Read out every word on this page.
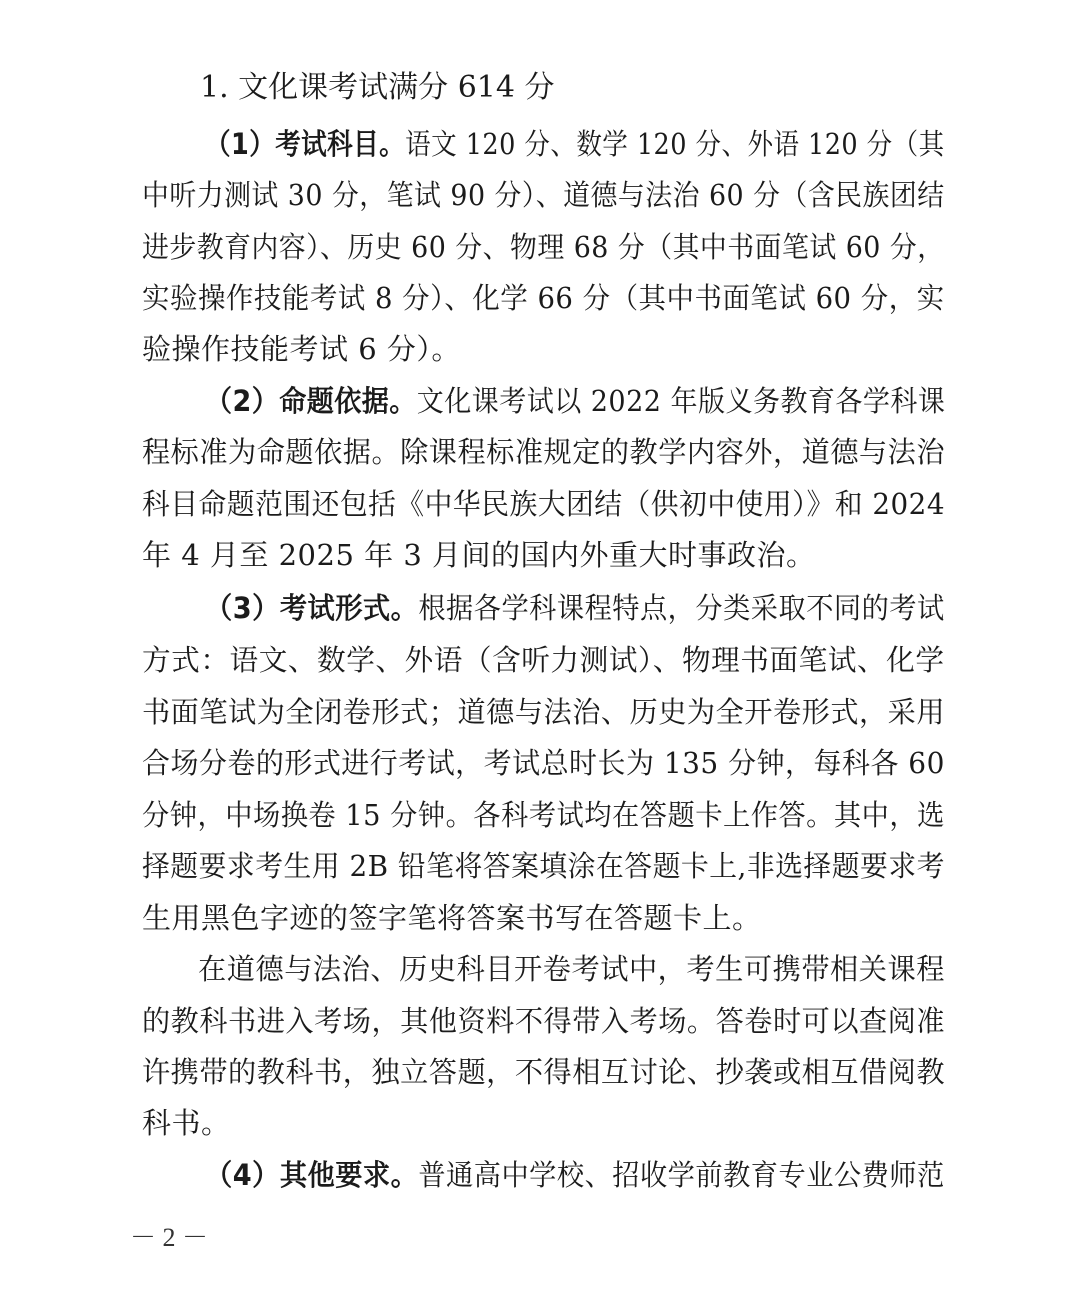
1. 文化课考试满分 614 分
（1）考试科目。语文 120 分、数学 120 分、外语 120 分（其
中听力测试 30 分，笔试 90 分）、道德与法治 60 分（含民族团结
进步教育内容）、历史 60 分、物理 68 分（其中书面笔试 60 分，
实验操作技能考试 8 分）、化学 66 分（其中书面笔试 60 分，实
验操作技能考试 6 分）。
（2）命题依据。文化课考试以 2022 年版义务教育各学科课
程标准为命题依据。除课程标准规定的教学内容外，道德与法治
科目命题范围还包括《中华民族大团结（供初中使用）》和 2024
年 4 月至 2025 年 3 月间的国内外重大时事政治。
（3）考试形式。根据各学科课程特点，分类采取不同的考试
方式：语文、数学、外语（含听力测试）、物理书面笔试、化学
书面笔试为全闭卷形式；道德与法治、历史为全开卷形式，采用
合场分卷的形式进行考试，考试总时长为 135 分钟，每科各 60
分钟，中场换卷 15 分钟。各科考试均在答题卡上作答。其中，选
择题要求考生用 2B 铅笔将答案填涂在答题卡上,非选择题要求考
生用黑色字迹的签字笔将答案书写在答题卡上。
在道德与法治、历史科目开卷考试中，考生可携带相关课程
的教科书进入考场，其他资料不得带入考场。答卷时可以查阅准
许携带的教科书，独立答题，不得相互讨论、抄袭或相互借阅教
科书。
（4）其他要求。普通高中学校、招收学前教育专业公费师范
－ 2 －
